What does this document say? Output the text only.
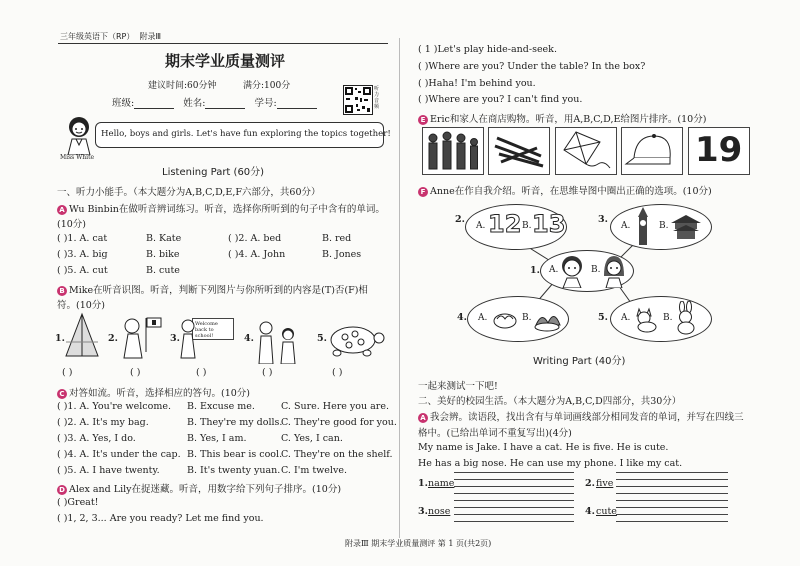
三年级英语下（RP） 附录Ⅲ
期末学业质量测评
建议时间:60分钟	满分:100分
班级:	姓名:	学号:
听力音频
Miss White
Hello, boys and girls. Let's have fun exploring the topics together!
Listening Part (60分)
一、听力小能手。（本大题分为A,B,C,D,E,F六部分，共60分）
A Wu Binbin在做听音辨词练习。听音，选择你所听到的句子中含有的单词。
(10分)
( )1. A. cat	B. Kate	( )2. A. bed	B. red
( )3. A. big	B. bike	( )4. A. John	B. Jones
( )5. A. cut	B. cute
B Mike在听音识图。听音，判断下列图片与你所听到的内容是(T)否(F)相
符。(10分)
1.	2.	3.
Welcome back to school!	4.	5.
( )	( )	( )	( )	( )
C 对答如流。听音，选择相应的答句。(10分)
( )1. A. You're welcome. B. Excuse me.	C. Sure. Here you are.
( )2. A. It's my bag.	B. They're my dolls.
C. They're good for you.
( )3. A. Yes, I do.	B. Yes, I am.	C. Yes, I can.
( )4. A. It's under the cap. B. This bear is cool.
C. They're on the shelf.
( )5. A. I have twenty.	B. It's twenty yuan. C. I'm twelve.
D Alex and Lily在捉迷藏。听音，用数字给下列句子排序。(10分)
( )Great!
( )1, 2, 3... Are you ready? Let me find you.
( 1 )Let's play hide-and-seek.
( )Where are you? Under the table? In the box?
( )Haha! I'm behind you.
( )Where are you? I can't find you.
E Eric和家人在商店购物。听音，用A,B,C,D,E给图片排序。(10分)
19
F Anne在作自我介绍。听音，在思维导图中圈出正确的选项。(10分)
2.
A. 12 B. 13	3.
A.	B.
1. A.	B.
4. A.	B.	5. A.	B.
Writing Part (40分)
一起来测试一下吧!
二、美好的校园生活。（本大题分为A,B,C,D四部分，共30分）
A 我会辨。读语段，找出含有与单词画线部分相同发音的单词，并写在四线三
格中。(已给出单词不重复写出)(4分)
My name is Jake. I have a cat. He is five. He is cute.
He has a big nose. He can use my phone. I like my cat.
1. name	2. five
3. nose	4. cute
附录Ⅲ 期末学业质量测评 第 1 页(共2页)
